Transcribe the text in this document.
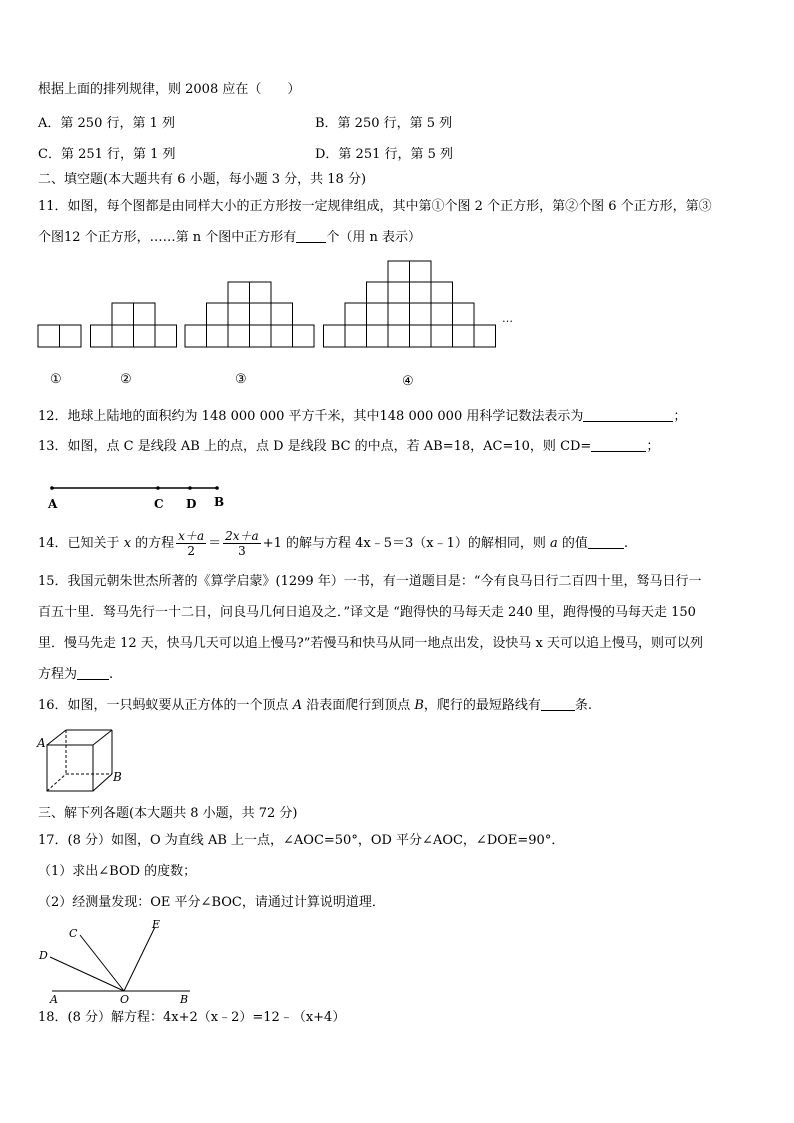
根据上面的排列规律，则 2008 应在（　　）
A．第 250 行，第 1 列	B．第 250 行，第 5 列
C．第 251 行，第 1 列	D．第 251 行，第 5 列
二、填空题(本大题共有 6 小题，每小题 3 分，共 18 分)
11．如图，每个图都是由同样大小的正方形按一定规律组成，其中第①个图 2 个正方形，第②个图 6 个正方形，第③
个图12 个正方形，……第 n 个图中正方形有 个（用 n 表示）
…
①	②	③	④
12．地球上陆地的面积约为 148 000 000 平方千米，其中148 000 000 用科学记数法表示为	；
13．如图，点 C 是线段 AB 上的点，点 D 是线段 BC 的中点，若 AB=18，AC=10，则 CD=	；
A	C D B
14．已知关于 x 的方程 $\frac{x+a}{2} = \frac{2x+a}{3} +1$ 的解与方程 4x﹣5＝3（x﹣1）的解相同，则 a 的值	.
15．我国元朝朱世杰所著的《算学启蒙》(1299 年）一书，有一道题目是：“今有良马日行二百四十里，驽马日行一
百五十里．驽马先行一十二日，问良马几何日追及之．”译文是 “跑得快的马每天走 240 里，跑得慢的马每天走 150
里．慢马先走 12 天，快马几天可以追上慢马?”若慢马和快马从同一地点出发，设快马 x 天可以追上慢马，则可以列
方程为 .
16．如图，一只蚂蚁要从正方体的一个顶点 A 沿表面爬行到顶点 B，爬行的最短路线有	条.
A
B
三、解下列各题(本大题共 8 小题，共 72 分)
17．(8 分）如图，O 为直线 AB 上一点，∠AOC=50°，OD 平分∠AOC，∠DOE=90°．
（1）求出∠BOD 的度数；
（2）经测量发现：OE 平分∠BOC，请通过计算说明道理．
C
E
D
A	O	B
18．(8 分）解方程：4x+2（x﹣2）=12﹣（x+4）
